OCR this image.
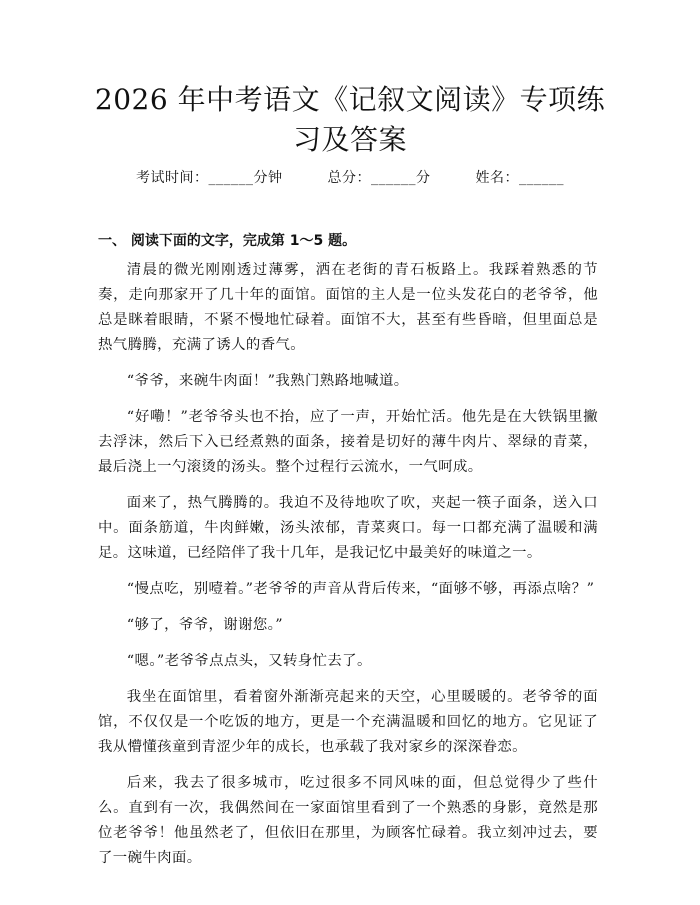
2026 年中考语文《记叙文阅读》专项练习及答案
考试时间：______分钟	总分：______分	姓名：______
一、 阅读下面的文字，完成第 1～5 题。

清晨的微光刚刚透过薄雾，洒在老街的青石板路上。我踩着熟悉的节奏，走向那家开了几十年的面馆。面馆的主人是一位头发花白的老爷爷，他总是眯着眼睛，不紧不慢地忙碌着。面馆不大，甚至有些昏暗，但里面总是热气腾腾，充满了诱人的香气。

“爷爷，来碗牛肉面！”我熟门熟路地喊道。

“好嘞！”老爷爷头也不抬，应了一声，开始忙活。他先是在大铁锅里撇去浮沫，然后下入已经煮熟的面条，接着是切好的薄牛肉片、翠绿的青菜，最后浇上一勺滚烫的汤头。整个过程行云流水，一气呵成。

面来了，热气腾腾的。我迫不及待地吹了吹，夹起一筷子面条，送入口中。面条筋道，牛肉鲜嫩，汤头浓郁，青菜爽口。每一口都充满了温暖和满足。这味道，已经陪伴了我十几年，是我记忆中最美好的味道之一。

“慢点吃，别噎着。”老爷爷的声音从背后传来，“面够不够，再添点啥？”

“够了，爷爷，谢谢您。”

“嗯。”老爷爷点点头，又转身忙去了。

我坐在面馆里，看着窗外渐渐亮起来的天空，心里暖暖的。老爷爷的面馆，不仅仅是一个吃饭的地方，更是一个充满温暖和回忆的地方。它见证了我从懵懂孩童到青涩少年的成长，也承载了我对家乡的深深眷恋。

后来，我去了很多城市，吃过很多不同风味的面，但总觉得少了些什么。直到有一次，我偶然间在一家面馆里看到了一个熟悉的身影，竟然是那位老爷爷！他虽然老了，但依旧在那里，为顾客忙碌着。我立刻冲过去，要了一碗牛肉面。
